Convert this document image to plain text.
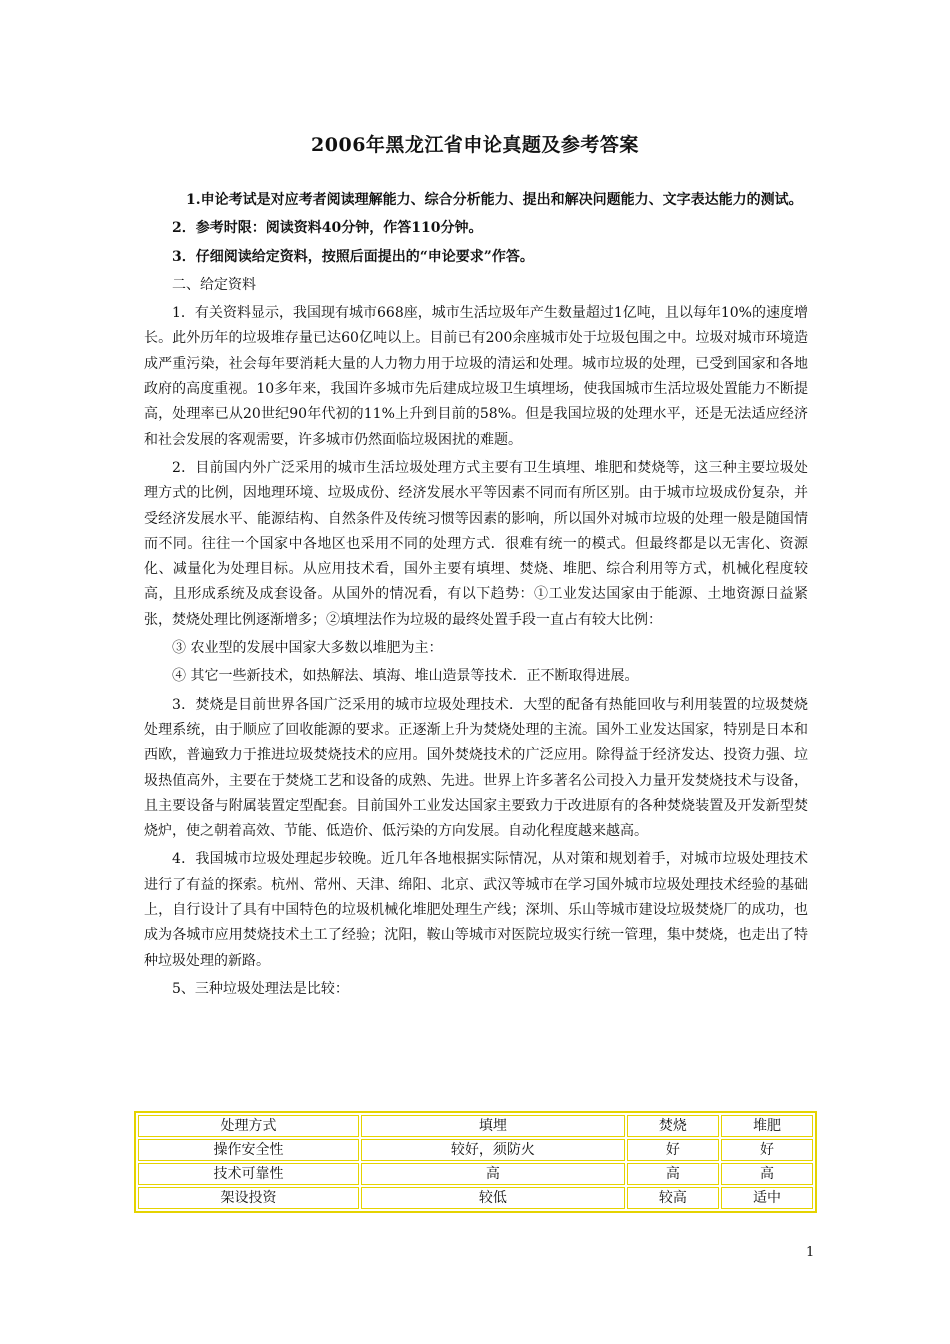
2006年黑龙江省申论真题及参考答案

1.申论考试是对应考者阅读理解能力、综合分析能力、提出和解决问题能力、文字表达能力的测试。

2．参考时限：阅读资料40分钟，作答110分钟。

3．仔细阅读给定资料，按照后面提出的“申论要求”作答。

二、给定资料

1．有关资料显示，我国现有城市668座，城市生活垃圾年产生数量超过1亿吨，且以每年10%的速度增长。此外历年的垃圾堆存量已达60亿吨以上。目前已有200余座城市处于垃圾包围之中。垃圾对城市环境造成严重污染，社会每年要消耗大量的人力物力用于垃圾的清运和处理。城市垃圾的处理，已受到国家和各地政府的高度重视。10多年来，我国许多城市先后建成垃圾卫生填埋场，使我国城市生活垃圾处置能力不断提高，处理率已从20世纪90年代初的11%上升到目前的58%。但是我国垃圾的处理水平，还是无法适应经济和社会发展的客观需要，许多城市仍然面临垃圾困扰的难题。

2．目前国内外广泛采用的城市生活垃圾处理方式主要有卫生填埋、堆肥和焚烧等，这三种主要垃圾处理方式的比例，因地理环境、垃圾成份、经济发展水平等因素不同而有所区别。由于城市垃圾成份复杂，并受经济发展水平、能源结构、自然条件及传统习惯等因素的影响，所以国外对城市垃圾的处理一般是随国情而不同。往往一个国家中各地区也采用不同的处理方式．很难有统一的模式。但最终都是以无害化、资源化、减量化为处理目标。从应用技术看，国外主要有填埋、焚烧、堆肥、综合利用等方式，机械化程度较高，且形成系统及成套设备。从国外的情况看，有以下趋势：①工业发达国家由于能源、土地资源日益紧张，焚烧处理比例逐渐增多；②填埋法作为垃圾的最终处置手段一直占有较大比例：

③ 农业型的发展中国家大多数以堆肥为主：

④ 其它一些新技术，如热解法、填海、堆山造景等技术．正不断取得进展。

3．焚烧是目前世界各国广泛采用的城市垃圾处理技术．大型的配备有热能回收与利用装置的垃圾焚烧处理系统，由于顺应了回收能源的要求。正逐渐上升为焚烧处理的主流。国外工业发达国家，特别是日本和西欧，普遍致力于推进垃圾焚烧技术的应用。国外焚烧技术的广泛应用。除得益于经济发达、投资力强、垃圾热值高外，主要在于焚烧工艺和设备的成熟、先进。世界上许多著名公司投入力量开发焚烧技术与设备，且主要设备与附属装置定型配套。目前国外工业发达国家主要致力于改进原有的各种焚烧装置及开发新型焚烧炉，使之朝着高效、节能、低造价、低污染的方向发展。自动化程度越来越高。

4．我国城市垃圾处理起步较晚。近几年各地根据实际情况，从对策和规划着手，对城市垃圾处理技术进行了有益的探索。杭州、常州、天津、绵阳、北京、武汉等城市在学习国外城市垃圾处理技术经验的基础上，自行设计了具有中国特色的垃圾机械化堆肥处理生产线；深圳、乐山等城市建设垃圾焚烧厂的成功，也成为各城市应用焚烧技术土工了经验；沈阳，鞍山等城市对医院垃圾实行统一管理，集中焚烧，也走出了特种垃圾处理的新路。

5、三种垃圾处理法是比较：

处理方式	填埋	焚烧	堆肥
操作安全性	较好，须防火	好	好
技术可靠性	高	高	高
架设投资	较低	较高	适中
1
